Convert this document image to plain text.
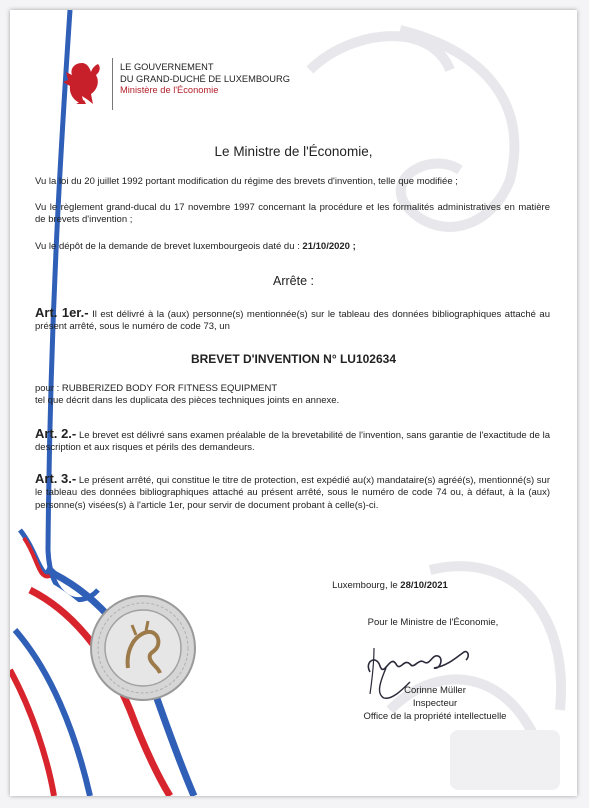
LE GOUVERNEMENT
DU GRAND-DUCHÉ DE LUXEMBOURG
Ministère de l'Économie
Le Ministre de l'Économie,
Vu la loi du 20 juillet 1992 portant modification du régime des brevets d'invention, telle que modifiée ;
Vu le règlement grand-ducal du 17 novembre 1997 concernant la procédure et les formalités administratives en matière de brevets d'invention ;
Vu le dépôt de la demande de brevet luxembourgeois daté du : 21/10/2020 ;
Arrête :
Art. 1er.- Il est délivré à la (aux) personne(s) mentionnée(s) sur le tableau des données bibliographiques attaché au présent arrêté, sous le numéro de code 73, un
BREVET D'INVENTION N° LU102634
pour : RUBBERIZED BODY FOR FITNESS EQUIPMENT
tel que décrit dans les duplicata des pièces techniques joints en annexe.
Art. 2.- Le brevet est délivré sans examen préalable de la brevetabilité de l'invention, sans garantie de l'exactitude de la description et aux risques et périls des demandeurs.
Art. 3.- Le présent arrêté, qui constitue le titre de protection, est expédié au(x) mandataire(s) agréé(s), mentionné(s) sur le tableau des données bibliographiques attaché au présent arrêté, sous le numéro de code 74 ou, à défaut, à la (aux) personne(s) visées(s) à l'article 1er, pour servir de document probant à celle(s)-ci.
Luxembourg, le 28/10/2021
Pour le Ministre de l'Économie,
Corinne Müller
Inspecteur
Office de la propriété intellectuelle
